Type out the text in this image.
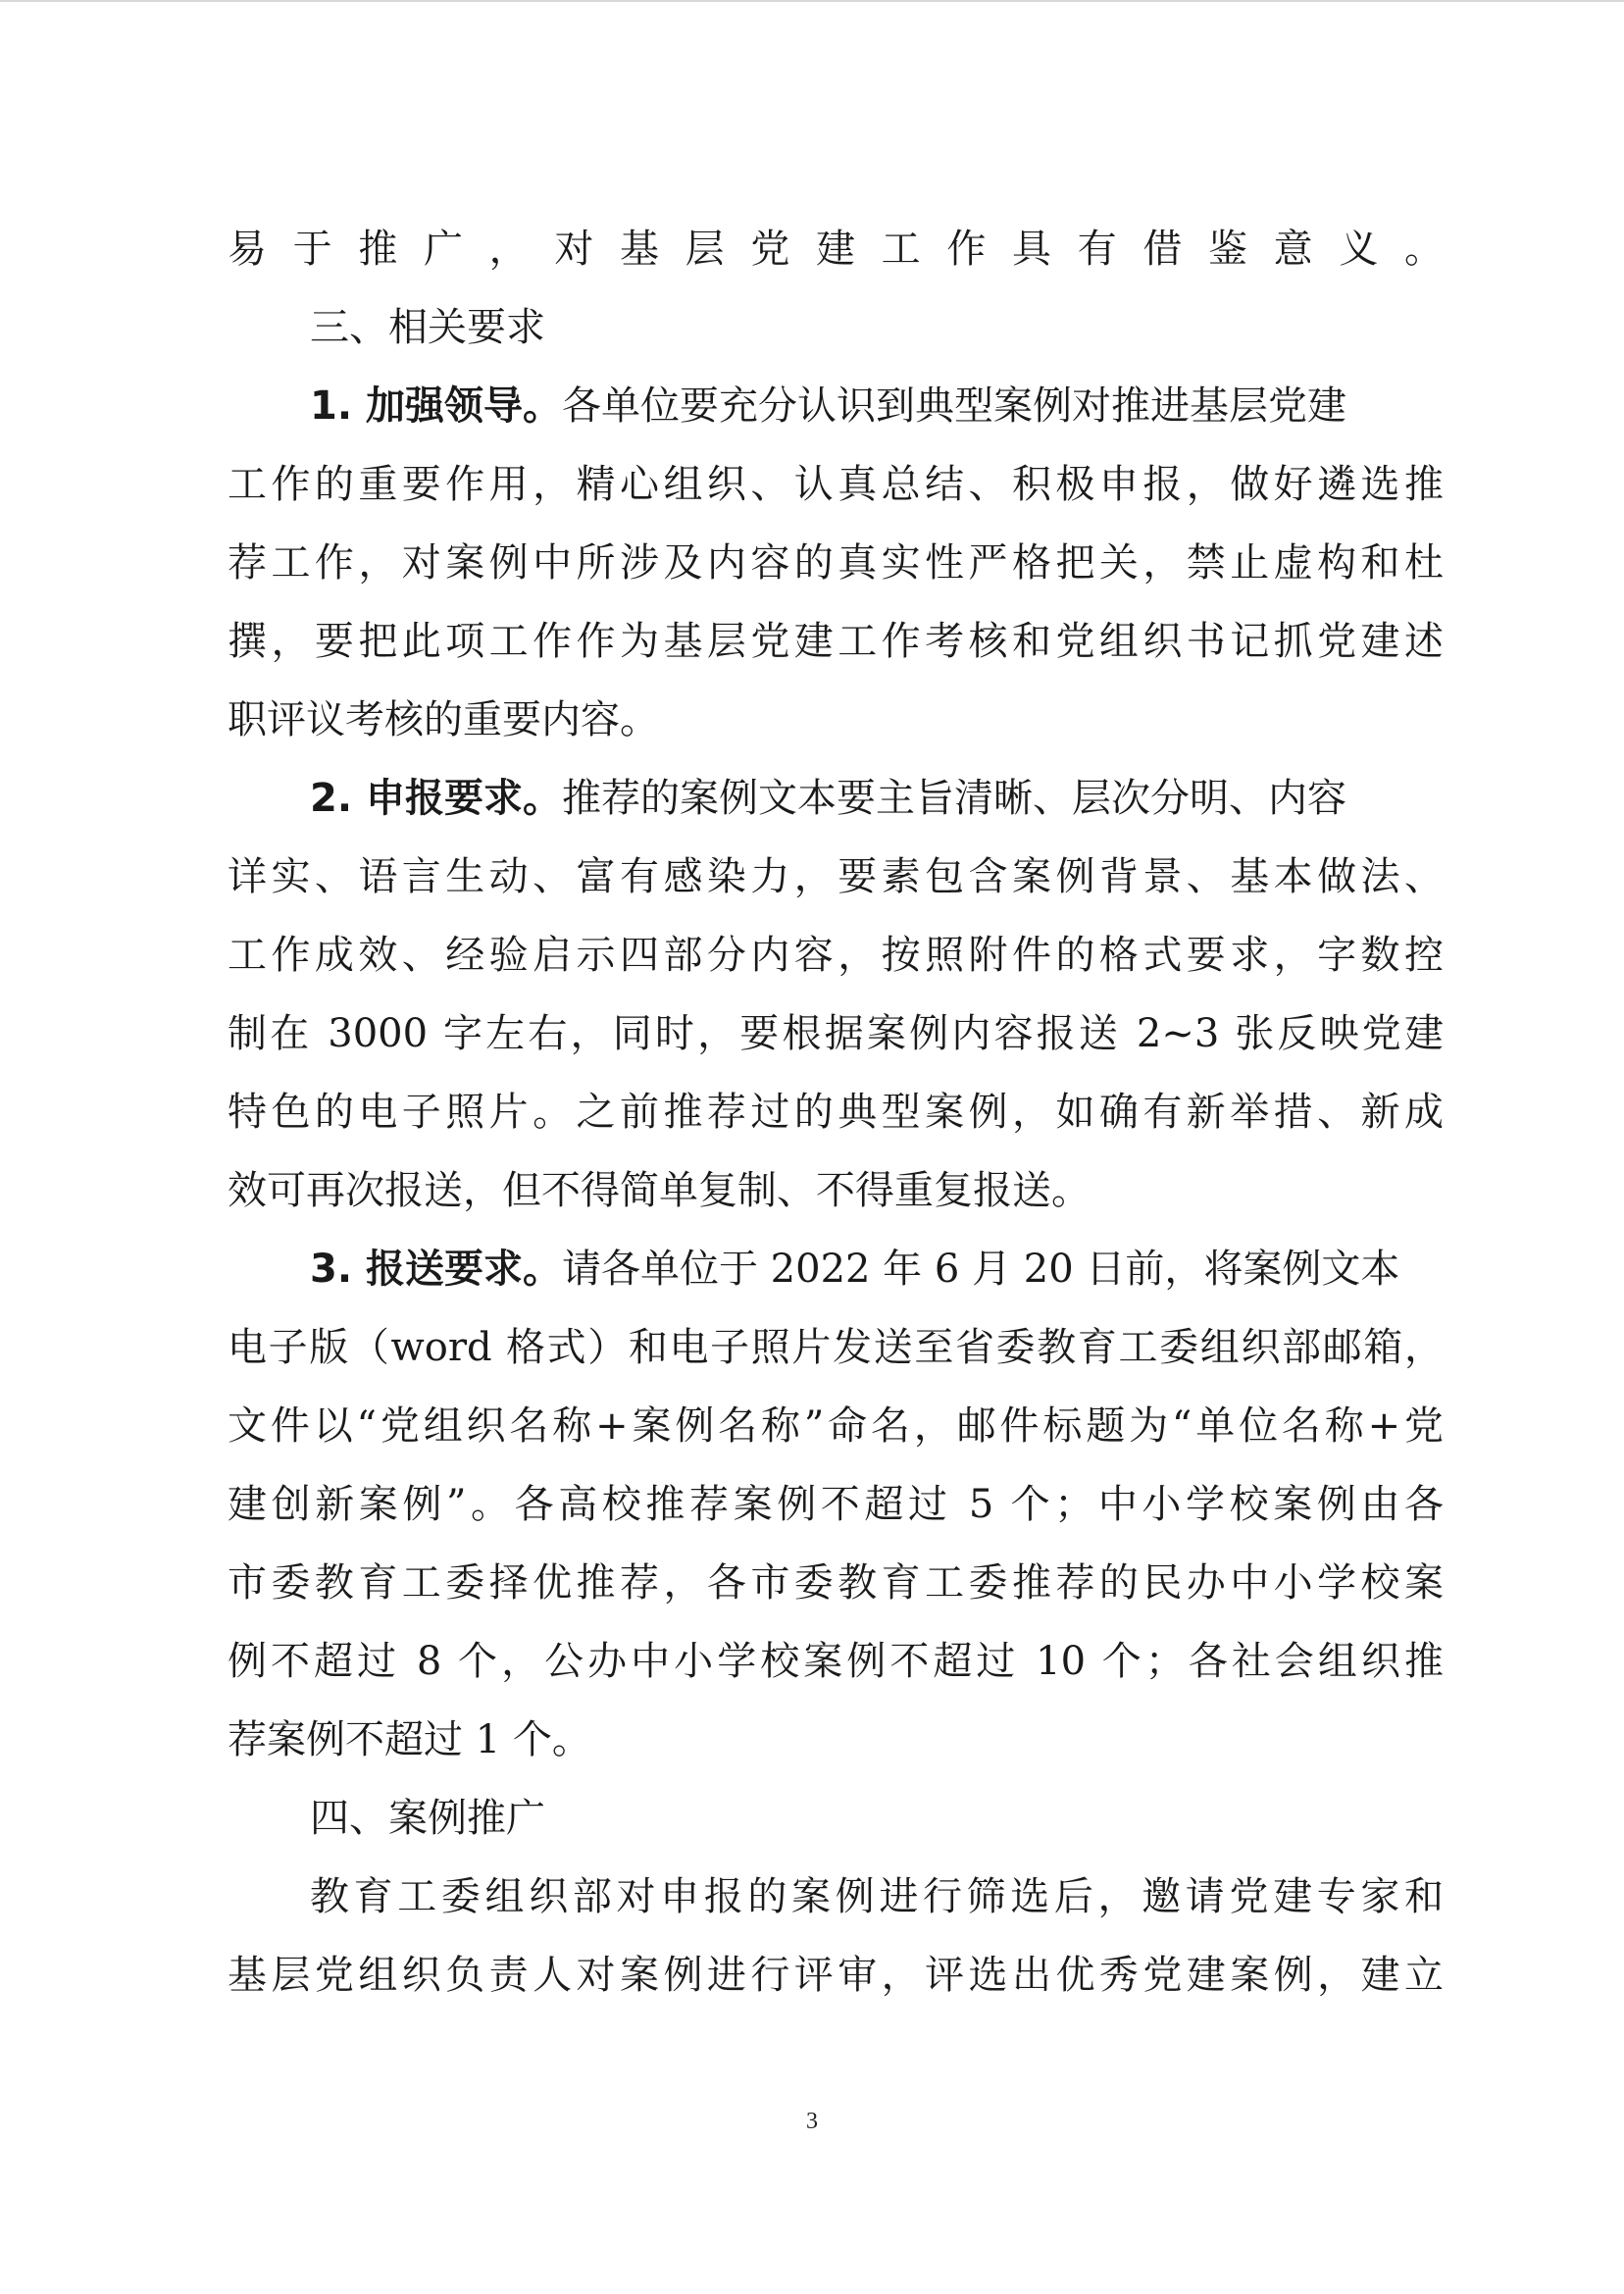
易于推广，对基层党建工作具有借鉴意义。
三、相关要求
1. 加强领导。各单位要充分认识到典型案例对推进基层党建
工作的重要作用，精心组织、认真总结、积极申报，做好遴选推
荐工作，对案例中所涉及内容的真实性严格把关，禁止虚构和杜
撰，要把此项工作作为基层党建工作考核和党组织书记抓党建述
职评议考核的重要内容。
2. 申报要求。推荐的案例文本要主旨清晰、层次分明、内容
详实、语言生动、富有感染力，要素包含案例背景、基本做法、
工作成效、经验启示四部分内容，按照附件的格式要求，字数控
制在 3000 字左右，同时，要根据案例内容报送 2~3 张反映党建
特色的电子照片。之前推荐过的典型案例，如确有新举措、新成
效可再次报送，但不得简单复制、不得重复报送。
3. 报送要求。请各单位于 2022 年 6 月 20 日前，将案例文本
电子版（word 格式）和电子照片发送至省委教育工委组织部邮箱，
文件以“党组织名称+案例名称”命名，邮件标题为“单位名称+党
建创新案例”。各高校推荐案例不超过 5 个；中小学校案例由各
市委教育工委择优推荐，各市委教育工委推荐的民办中小学校案
例不超过 8 个，公办中小学校案例不超过 10 个；各社会组织推
荐案例不超过 1 个。
四、案例推广
教育工委组织部对申报的案例进行筛选后，邀请党建专家和
基层党组织负责人对案例进行评审，评选出优秀党建案例，建立
3
